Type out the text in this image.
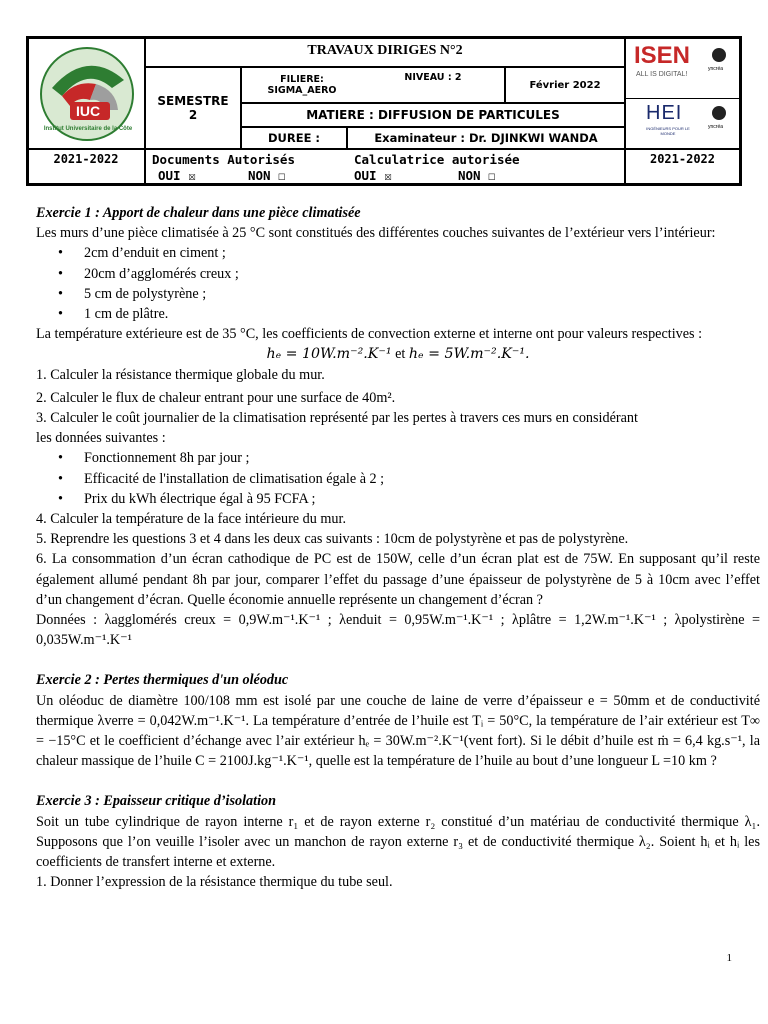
IUC
Institut Universitaire de la Côte
TRAVAUX DIRIGES N°2
SEMESTRE
2
FILIERE:
SIGMA_AERO
NIVEAU : 2
Février 2022
MATIERE : DIFFUSION DE PARTICULES
DUREE :	Examinateur : Dr. DJINKWI WANDA
ISEN
ALL IS DIGITAL!
yncréa
HEI
INGÉNIEURS POUR LE MONDE
yncréa
2021-2022	Documents Autorisés
OUI ☒	NON ☐
Calculatrice autorisée
OUI ☒	NON ☐
2021-2022

Exercie 1 : Apport de chaleur dans une pièce climatisée

Les murs d’une pièce climatisée à 25 °C sont constitués des différentes couches suivantes de l’extérieur vers l’intérieur:

• 2cm d’enduit en ciment ;
• 20cm d’agglomérés creux ;
• 5 cm de polystyrène ;
• 1 cm de plâtre.

La température extérieure est de 35 °C, les coefficients de convection externe et interne ont pour valeurs respectives :

hₑ = 10W.m⁻².K⁻¹ et hₑ = 5W.m⁻².K⁻¹.

1. Calculer la résistance thermique globale du mur.

2. Calculer le flux de chaleur entrant pour une surface de 40m².

3. Calculer le coût journalier de la climatisation représenté par les pertes à travers ces murs en considérant

les données suivantes :

• Fonctionnement 8h par jour ;
• Efficacité de l'installation de climatisation égale à 2 ;
• Prix du kWh électrique égal à 95 FCFA ;

4. Calculer la température de la face intérieure du mur.

5. Reprendre les questions 3 et 4 dans les deux cas suivants : 10cm de polystyrène et pas de polystyrène.

6. La consommation d’un écran cathodique de PC est de 150W, celle d’un écran plat est de 75W. En supposant qu’il reste également allumé pendant 8h par jour, comparer l’effet du passage d’une épaisseur de polystyrène de 5 à 10cm avec l’effet d’un changement d’écran. Quelle économie annuelle représente un changement d’écran ?

Données : λagglomérés creux = 0,9W.m⁻¹.K⁻¹ ; λenduit = 0,95W.m⁻¹.K⁻¹ ; λplâtre = 1,2W.m⁻¹.K⁻¹ ; λpolystirène = 0,035W.m⁻¹.K⁻¹

Exercie 2 : Pertes thermiques d'un oléoduc

Un oléoduc de diamètre 100/108 mm est isolé par une couche de laine de verre d’épaisseur e = 50mm et de conductivité thermique λverre = 0,042W.m⁻¹.K⁻¹. La température d’entrée de l’huile est Tᵢ = 50°C, la température de l’air extérieur est T∞ = −15°C et le coefficient d’échange avec l’air extérieur hₑ = 30W.m⁻².K⁻¹(vent fort). Si le débit d’huile est ṁ = 6,4 kg.s⁻¹, la chaleur massique de l’huile C = 2100J.kg⁻¹.K⁻¹, quelle est la température de l’huile au bout d’une longueur L =10 km ?

Exercie 3 : Epaisseur critique d’isolation

Soit un tube cylindrique de rayon interne r₁ et de rayon externe r₂ constitué d’un matériau de conductivité thermique λ₁. Supposons que l’on veuille l’isoler avec un manchon de rayon externe r₃ et de conductivité thermique λ₂. Soient hᵢ et hᵢ les coefficients de transfert interne et externe.

1. Donner l’expression de la résistance thermique du tube seul.

1
